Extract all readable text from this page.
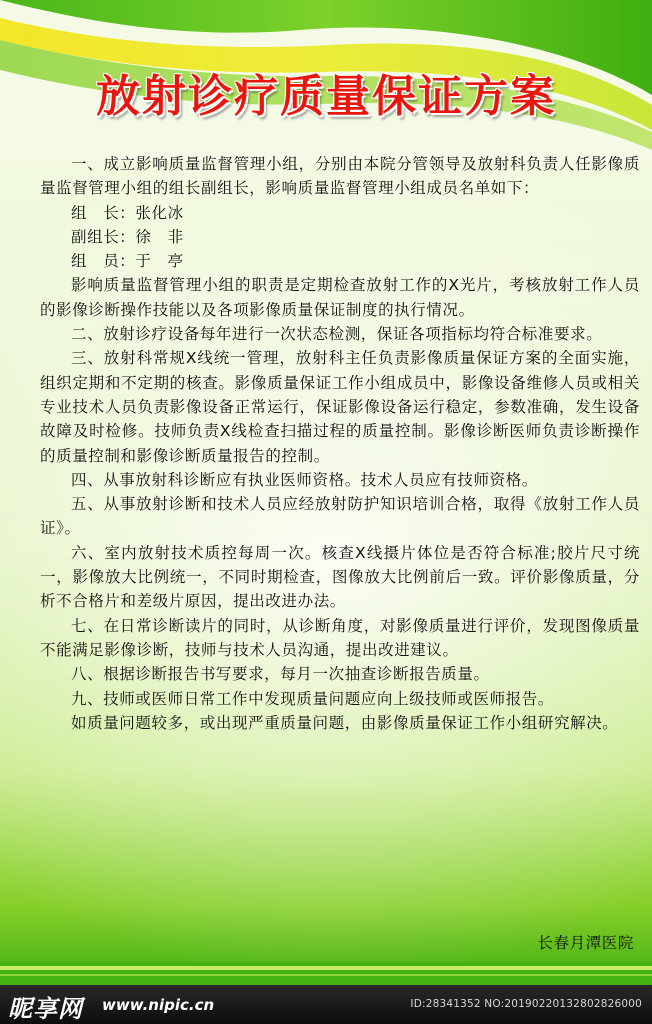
放射诊疗质量保证方案

一、成立影响质量监督管理小组，分别由本院分管领导及放射科负责人任影像质量监督管理小组的组长副组长，影响质量监督管理小组成员名单如下：

组　长：张化冰

副组长：徐　非

组　员：于　亭

影响质量监督管理小组的职责是定期检查放射工作的X光片，考核放射工作人员的影像诊断操作技能以及各项影像质量保证制度的执行情况。

二、放射诊疗设备每年进行一次状态检测，保证各项指标均符合标准要求。

三、放射科常规X线统一管理，放射科主任负责影像质量保证方案的全面实施，组织定期和不定期的核查。影像质量保证工作小组成员中，影像设备维修人员或相关专业技术人员负责影像设备正常运行，保证影像设备运行稳定，参数准确，发生设备故障及时检修。技师负责X线检查扫描过程的质量控制。影像诊断医师负责诊断操作的质量控制和影像诊断质量报告的控制。

四、从事放射科诊断应有执业医师资格。技术人员应有技师资格。

五、从事放射诊断和技术人员应经放射防护知识培训合格，取得《放射工作人员证》。

六、室内放射技术质控每周一次。核查X线摄片体位是否符合标准;胶片尺寸统一，影像放大比例统一，不同时期检查，图像放大比例前后一致。评价影像质量，分析不合格片和差级片原因，提出改进办法。

七、在日常诊断读片的同时，从诊断角度，对影像质量进行评价，发现图像质量不能满足影像诊断，技师与技术人员沟通，提出改进建议。

八、根据诊断报告书写要求，每月一次抽查诊断报告质量。

九、技师或医师日常工作中发现质量问题应向上级技师或医师报告。

如质量问题较多，或出现严重质量问题，由影像质量保证工作小组研究解决。

长春月潭医院
昵享网 www.nipic.cn	ID:28341352 NO:20190220132802826000
